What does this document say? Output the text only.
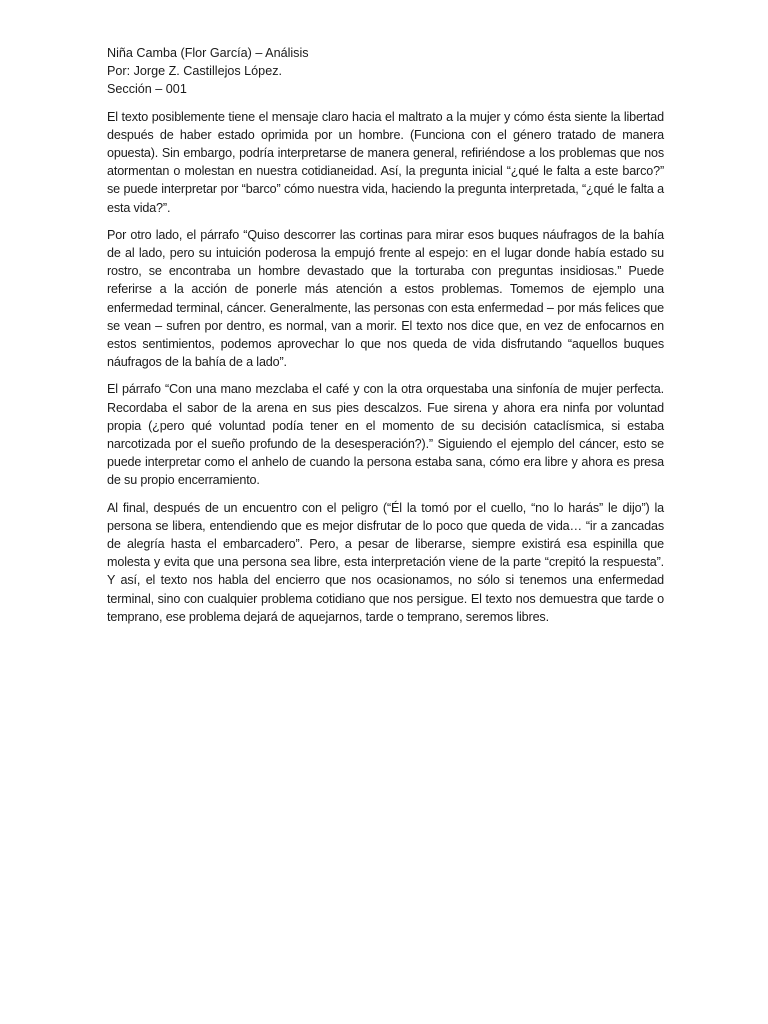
Niña Camba (Flor García) – Análisis
Por: Jorge Z. Castillejos López.
Sección – 001

El texto posiblemente tiene el mensaje claro hacia el maltrato a la mujer y cómo ésta siente la libertad después de haber estado oprimida por un hombre. (Funciona con el género tratado de manera opuesta). Sin embargo, podría interpretarse de manera general, refiriéndose a los problemas que nos atormentan o molestan en nuestra cotidianeidad. Así, la pregunta inicial “¿qué le falta a este barco?” se puede interpretar por “barco” cómo nuestra vida, haciendo la pregunta interpretada, “¿qué le falta a esta vida?”.

Por otro lado, el párrafo “Quiso descorrer las cortinas para mirar esos buques náufragos de la bahía de al lado, pero su intuición poderosa la empujó frente al espejo: en el lugar donde había estado su rostro, se encontraba un hombre devastado que la torturaba con preguntas insidiosas.” Puede referirse a la acción de ponerle más atención a estos problemas. Tomemos de ejemplo una enfermedad terminal, cáncer. Generalmente, las personas con esta enfermedad – por más felices que se vean – sufren por dentro, es normal, van a morir. El texto nos dice que, en vez de enfocarnos en estos sentimientos, podemos aprovechar lo que nos queda de vida disfrutando “aquellos buques náufragos de la bahía de a lado”.

El párrafo “Con una mano mezclaba el café y con la otra orquestaba una sinfonía de mujer perfecta. Recordaba el sabor de la arena en sus pies descalzos. Fue sirena y ahora era ninfa por voluntad propia (¿pero qué voluntad podía tener en el momento de su decisión cataclísmica, si estaba narcotizada por el sueño profundo de la desesperación?).” Siguiendo el ejemplo del cáncer, esto se puede interpretar como el anhelo de cuando la persona estaba sana, cómo era libre y ahora es presa de su propio encerramiento.

Al final, después de un encuentro con el peligro (“Él la tomó por el cuello, “no lo harás” le dijo”) la persona se libera, entendiendo que es mejor disfrutar de lo poco que queda de vida… “ir a zancadas de alegría hasta el embarcadero”. Pero, a pesar de liberarse, siempre existirá esa espinilla que molesta y evita que una persona sea libre, esta interpretación viene de la parte “crepitó la respuesta”. Y así, el texto nos habla del encierro que nos ocasionamos, no sólo si tenemos una enfermedad terminal, sino con cualquier problema cotidiano que nos persigue. El texto nos demuestra que tarde o temprano, ese problema dejará de aquejarnos, tarde o temprano, seremos libres.
